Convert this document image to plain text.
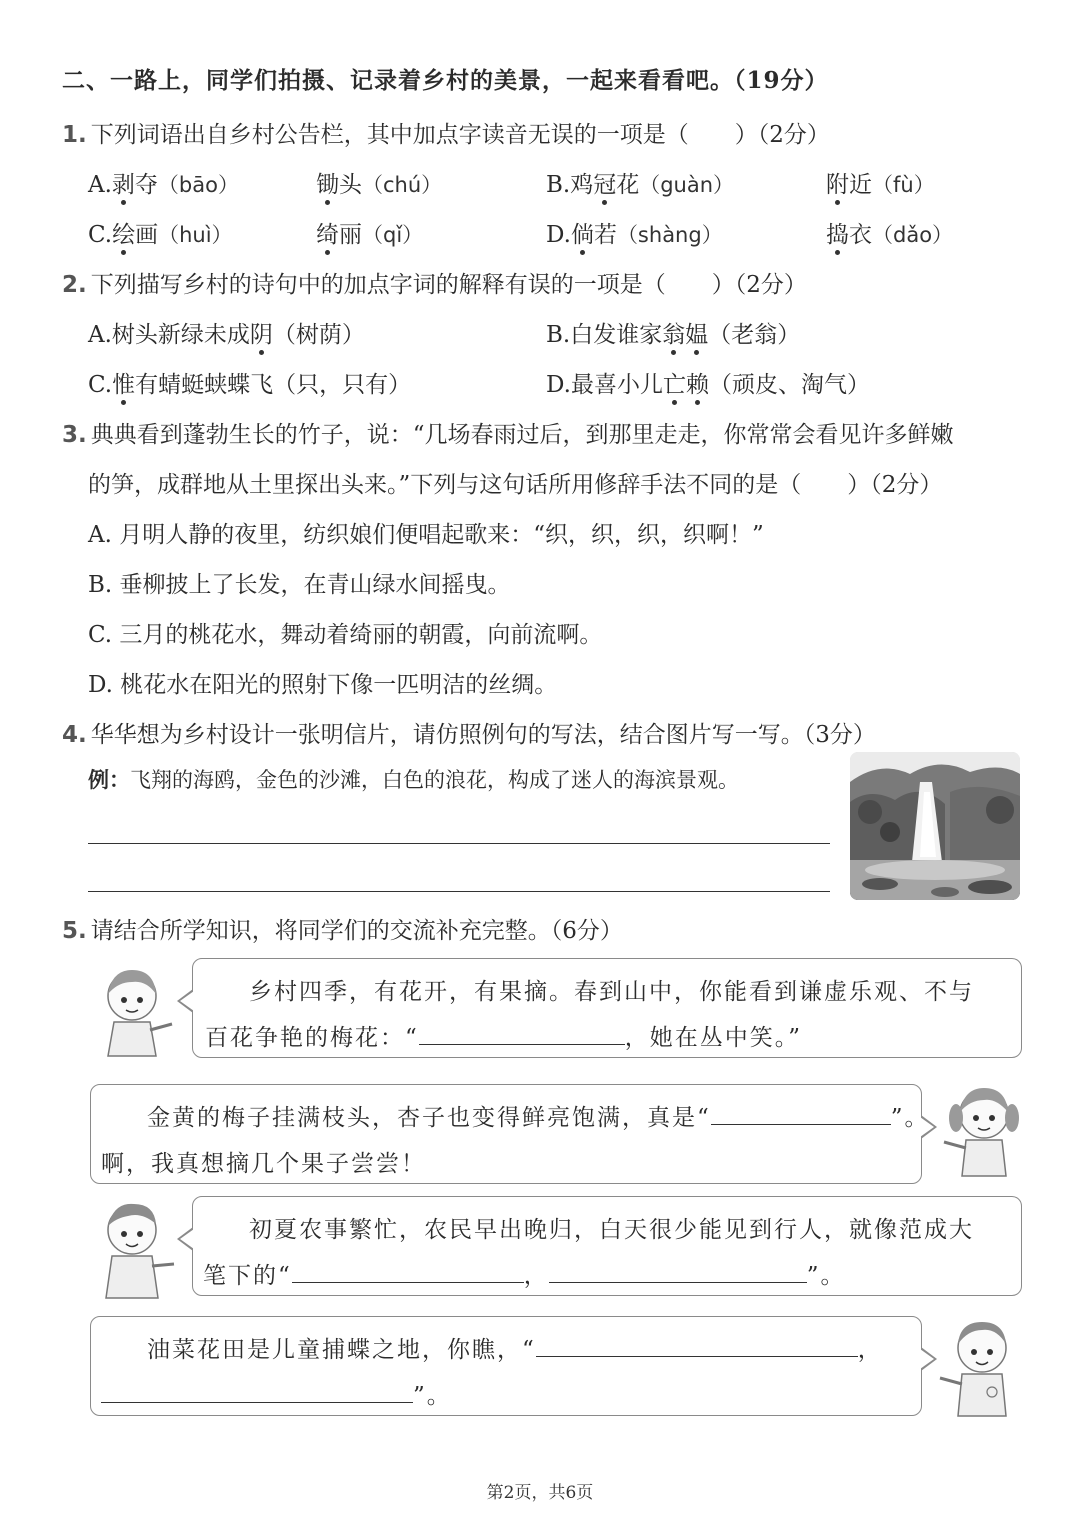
二、一路上，同学们拍摄、记录着乡村的美景，一起来看看吧。（19分）
1. 下列词语出自乡村公告栏，其中加点字读音无误的一项是（　　）（2分）
A.剥夺（bāo）	锄头（chú）	B.鸡冠花（guàn）	附近（fù）
C.绘画（huì）	绮丽（qǐ）	D.倘若（shàng）	捣衣（dǎo）
2. 下列描写乡村的诗句中的加点字词的解释有误的一项是（　　）（2分）
A.树头新绿未成阴（树荫）	B.白发谁家翁媪（老翁）
C.惟有蜻蜓蛱蝶飞（只，只有）	D.最喜小儿亡赖（顽皮、淘气）
3. 典典看到蓬勃生长的竹子，说：“几场春雨过后，到那里走走，你常常会看见许多鲜嫩
的笋，成群地从土里探出头来。”下列与这句话所用修辞手法不同的是（　　）（2分）
A. 月明人静的夜里，纺织娘们便唱起歌来：“织，织，织，织啊！”
B. 垂柳披上了长发，在青山绿水间摇曳。
C. 三月的桃花水，舞动着绮丽的朝霞，向前流啊。
D. 桃花水在阳光的照射下像一匹明洁的丝绸。
4. 华华想为乡村设计一张明信片，请仿照例句的写法，结合图片写一写。（3分）
例：飞翔的海鸥，金色的沙滩，白色的浪花，构成了迷人的海滨景观。
5. 请结合所学知识，将同学们的交流补充完整。（6分）
乡村四季，有花开，有果摘。春到山中，你能看到谦虚乐观、不与
百花争艳的梅花：“	，她在丛中笑。”
金黄的梅子挂满枝头，杏子也变得鲜亮饱满，真是“	”。
啊，我真想摘几个果子尝尝！
初夏农事繁忙，农民早出晚归，白天很少能见到行人，就像范成大
笔下的“	，	”。
油菜花田是儿童捕蝶之地，你瞧，“	，
”。
第2页，共6页
